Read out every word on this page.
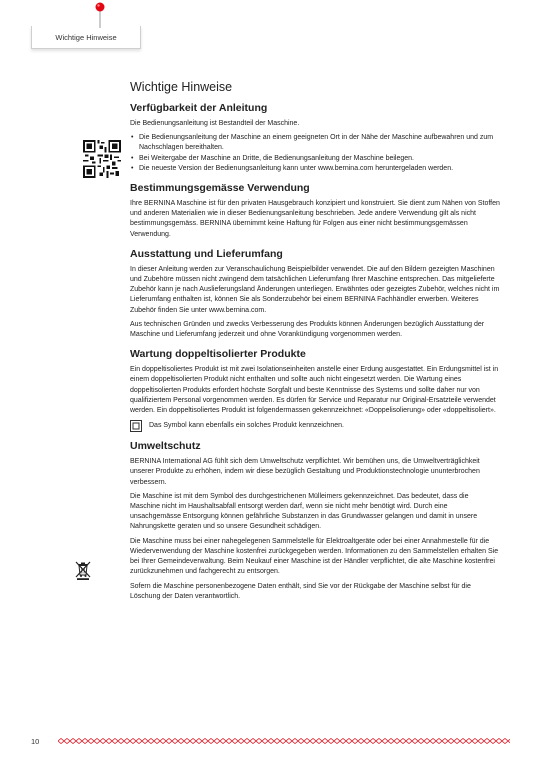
Wichtige Hinweise
Wichtige Hinweise
Verfügbarkeit der Anleitung

Die Bedienungsanleitung ist Bestandteil der Maschine.

• Die Bedienungsanleitung der Maschine an einem geeigneten Ort in der Nähe der Maschine aufbewahren und zum Nachschlagen bereithalten.
• Bei Weitergabe der Maschine an Dritte, die Bedienungsanleitung der Maschine beilegen.
• Die neueste Version der Bedienungsanleitung kann unter www.bernina.com heruntergeladen werden.
Bestimmungsgemässe Verwendung

Ihre BERNINA Maschine ist für den privaten Hausgebrauch konzipiert und konstruiert. Sie dient zum Nähen von Stoffen und anderen Materialien wie in dieser Bedienungsanleitung beschrieben. Jede andere Verwendung gilt als nicht bestimmungsgemäss. BERNINA übernimmt keine Haftung für Folgen aus einer nicht bestimmungsgemässen Verwendung.

Ausstattung und Lieferumfang

In dieser Anleitung werden zur Veranschaulichung Beispielbilder verwendet. Die auf den Bildern gezeigten Maschinen und Zubehöre müssen nicht zwingend dem tatsächlichen Lieferumfang Ihrer Maschine entsprechen. Das mitgelieferte Zubehör kann je nach Auslieferungsland Änderungen unterliegen. Erwähntes oder gezeigtes Zubehör, welches nicht im Lieferumfang enthalten ist, können Sie als Sonderzubehör bei einem BERNINA Fachhändler erwerben. Weiteres Zubehör finden Sie unter www.bernina.com.

Aus technischen Gründen und zwecks Verbesserung des Produkts können Änderungen bezüglich Ausstattung der Maschine und Lieferumfang jederzeit und ohne Vorankündigung vorgenommen werden.

Wartung doppeltisolierter Produkte

Ein doppeltisoliertes Produkt ist mit zwei Isolationseinheiten anstelle einer Erdung ausgestattet. Ein Erdungsmittel ist in einem doppeltisolierten Produkt nicht enthalten und sollte auch nicht eingesetzt werden. Die Wartung eines doppeltisolierten Produkts erfordert höchste Sorgfalt und beste Kenntnisse des Systems und sollte daher nur von qualifiziertem Personal vorgenommen werden. Es dürfen für Service und Reparatur nur Original-Ersatzteile verwendet werden. Ein doppeltisoliertes Produkt ist folgendermassen gekennzeichnet: «Doppelisolierung» oder «doppeltisoliert».

Das Symbol kann ebenfalls ein solches Produkt kennzeichnen.

Umweltschutz

BERNINA International AG fühlt sich dem Umweltschutz verpflichtet. Wir bemühen uns, die Umweltverträglichkeit unserer Produkte zu erhöhen, indem wir diese bezüglich Gestaltung und Produktionstechnologie ununterbrochen verbessern.

Die Maschine ist mit dem Symbol des durchgestrichenen Mülleimers gekennzeichnet. Das bedeutet, dass die Maschine nicht im Haushaltsabfall entsorgt werden darf, wenn sie nicht mehr benötigt wird. Durch eine unsachgemässe Entsorgung können gefährliche Substanzen in das Grundwasser gelangen und damit in unsere Nahrungskette geraten und so unsere Gesundheit schädigen.

Die Maschine muss bei einer nahegelegenen Sammelstelle für Elektroaltgeräte oder bei einer Annahmestelle für die Wiederverwendung der Maschine kostenfrei zurückgegeben werden. Informationen zu den Sammelstellen erhalten Sie bei Ihrer Gemeindeverwaltung. Beim Neukauf einer Maschine ist der Händler verpflichtet, die alte Maschine kostenfrei zurückzunehmen und fachgerecht zu entsorgen.

Sofern die Maschine personenbezogene Daten enthält, sind Sie vor der Rückgabe der Maschine selbst für die Löschung der Daten verantwortlich.

10
